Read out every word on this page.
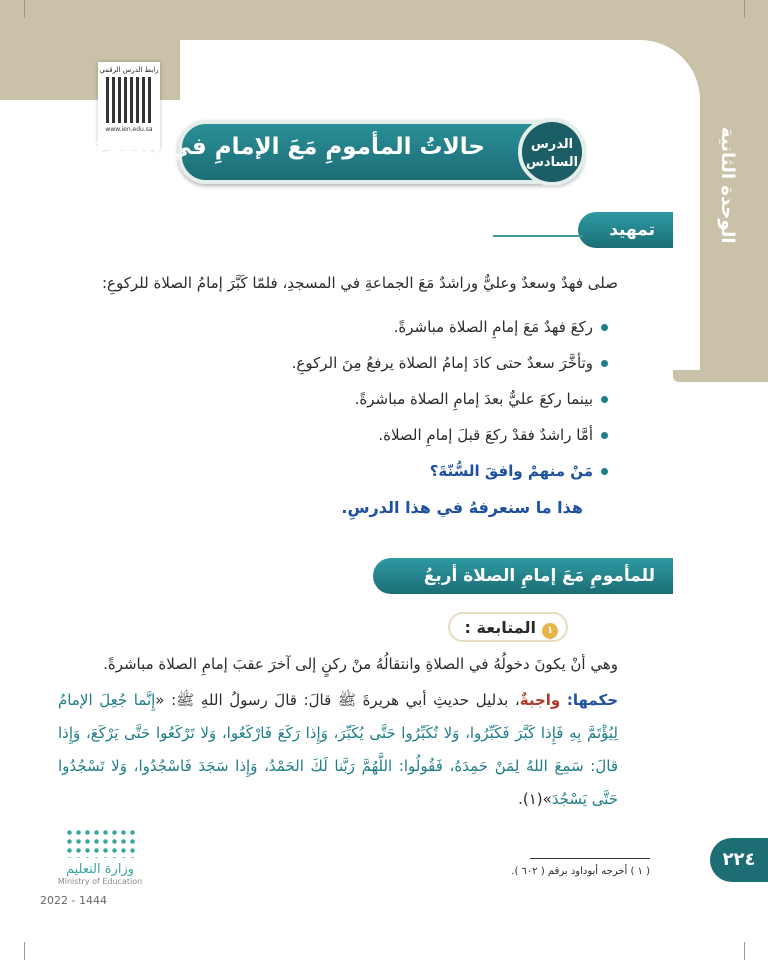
الوحدة الثانية
رابط الدرس الرقمي
www.ien.edu.sa
حالاتُ المأمومِ مَعَ الإمامِ في الصلاةِ	الدرس
السادس
تمهيد
صلى فهدٌ وسعدٌ وعليٌّ وراشدٌ مَعَ الجماعةِ في المسجدِ، فلمّا كَبَّرَ إمامُ الصلاة للركوعِ:
ركعَ فهدٌ مَعَ إمامِ الصلاة مباشرةً.
وتأخَّرَ سعدٌ حتى كادَ إمامُ الصلاة يرفعُ مِنَ الركوعِ.
بينما ركعَ عليٌّ بعدَ إمامِ الصلاة مباشرةً.
أمَّا راشدٌ فقدْ ركعَ قبلَ إمامِ الصلاة.
مَنْ منهمْ وافقَ السُّنّةَ؟
هذا ما سنعرفهُ في هذا الدرسِ.
للمأمومِ مَعَ إمامِ الصلاة أربعُ أنواع
١المتابعة :
وهي أنْ يكونَ دخولُهُ في الصلاةِ وانتقالُهُ منْ ركنٍ إلى آخرَ عقبَ إمامِ الصلاة مباشرةً.
حكمها: واجبةٌ، بدليل حديثِ أبي هريرةَ ﷺ قالَ: قالَ رسولُ اللهِ ﷺ: «إِنَّما جُعِلَ الإمامُ لِيُؤْتَمَّ بِهِ فَإِذا كَبَّرَ فَكَبِّرُوا، وَلا تُكَبِّرُوا حَتَّى يُكَبِّرَ، وَإِذا رَكَعَ فَارْكَعُوا، وَلا تَرْكَعُوا حَتَّى يَرْكَعَ، وَإِذا قالَ: سَمِعَ اللهُ لِمَنْ حَمِدَهُ، فَقُولُوا: اللَّهُمَّ رَبَّنا لَكَ الحَمْدُ، وَإِذا سَجَدَ فَاسْجُدُوا، وَلا تَسْجُدُوا حَتَّى يَسْجُدَ»(١).
( ١ ) أخرجه أبوداود برقم ( ٦٠٢ ).
٢٢٤
وزارة التعليم
Ministry of Education
2022 - 1444
